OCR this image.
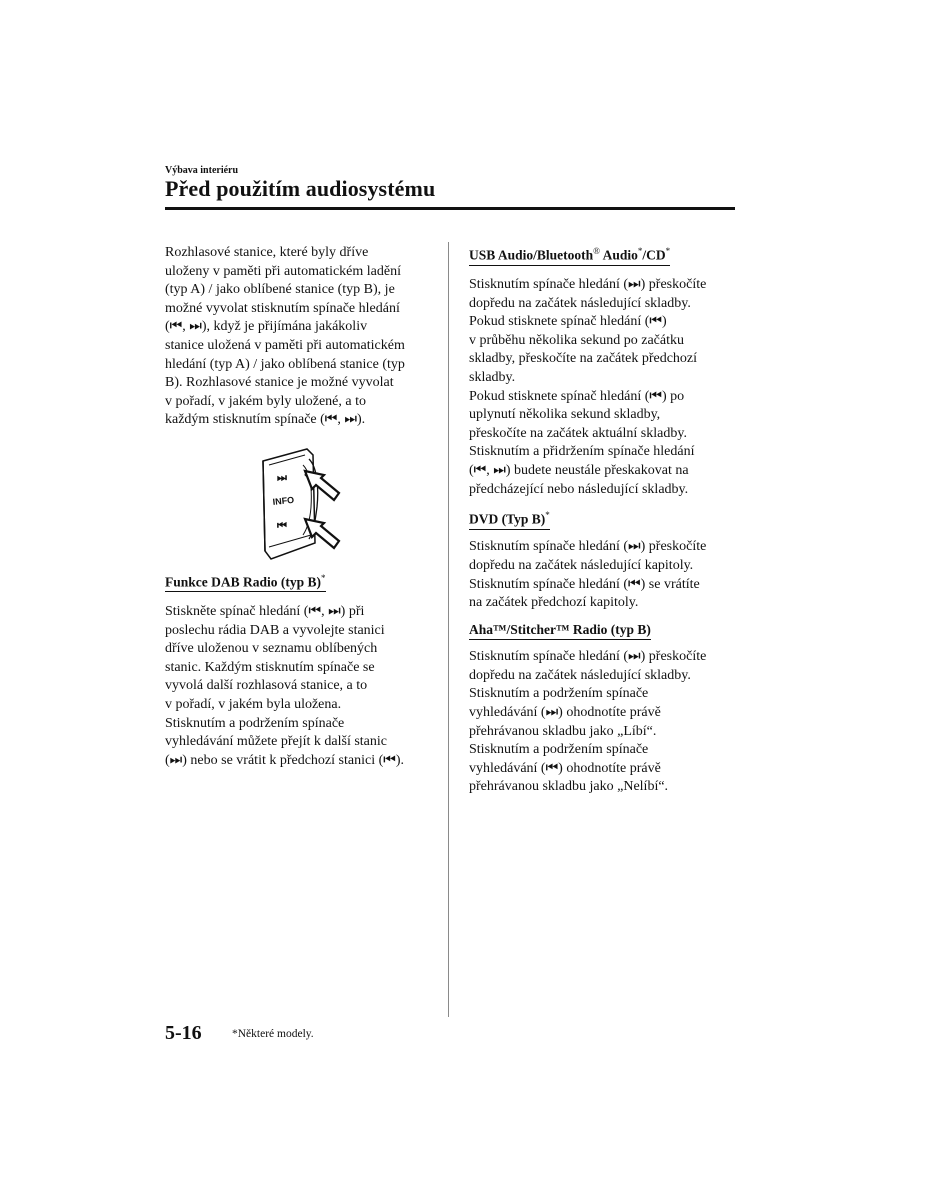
Výbava interiéru

Před použitím audiosystému

Rozhlasové stanice, které byly dříve
uloženy v paměti při automatickém ladění
(typ A) / jako oblíbené stanice (typ B), je
možné vyvolat stisknutím spínače hledání
(⏮, ⏭), když je přijímána jakákoliv
stanice uložená v paměti při automatickém
hledání (typ A) / jako oblíbená stanice (typ
B). Rozhlasové stanice je možné vyvolat
v pořadí, v jakém byly uložené, a to
každým stisknutím spínače (⏮, ⏭).

⏭
INFO
⏮

Funkce DAB Radio (typ B)*

Stiskněte spínač hledání (⏮, ⏭) při
poslechu rádia DAB a vyvolejte stanici
dříve uloženou v seznamu oblíbených
stanic. Každým stisknutím spínače se
vyvolá další rozhlasová stanice, a to
v pořadí, v jakém byla uložena.
Stisknutím a podržením spínače
vyhledávání můžete přejít k další stanic
(⏭) nebo se vrátit k předchozí stanici (⏮).

USB Audio/Bluetooth® Audio*/CD*

Stisknutím spínače hledání (⏭) přeskočíte
dopředu na začátek následující skladby.
Pokud stisknete spínač hledání (⏮)
v průběhu několika sekund po začátku
skladby, přeskočíte na začátek předchozí
skladby.
Pokud stisknete spínač hledání (⏮) po
uplynutí několika sekund skladby,
přeskočíte na začátek aktuální skladby.
Stisknutím a přidržením spínače hledání
(⏮, ⏭) budete neustále přeskakovat na
předcházející nebo následující skladby.

DVD (Typ B)*

Stisknutím spínače hledání (⏭) přeskočíte
dopředu na začátek následující kapitoly.
Stisknutím spínače hledání (⏮) se vrátíte
na začátek předchozí kapitoly.

Aha™/Stitcher™ Radio (typ B)

Stisknutím spínače hledání (⏭) přeskočíte
dopředu na začátek následující skladby.
Stisknutím a podržením spínače
vyhledávání (⏭) ohodnotíte právě
přehrávanou skladbu jako „Líbí“.
Stisknutím a podržením spínače
vyhledávání (⏮) ohodnotíte právě
přehrávanou skladbu jako „Nelíbí“.

5-16	*Některé modely.
